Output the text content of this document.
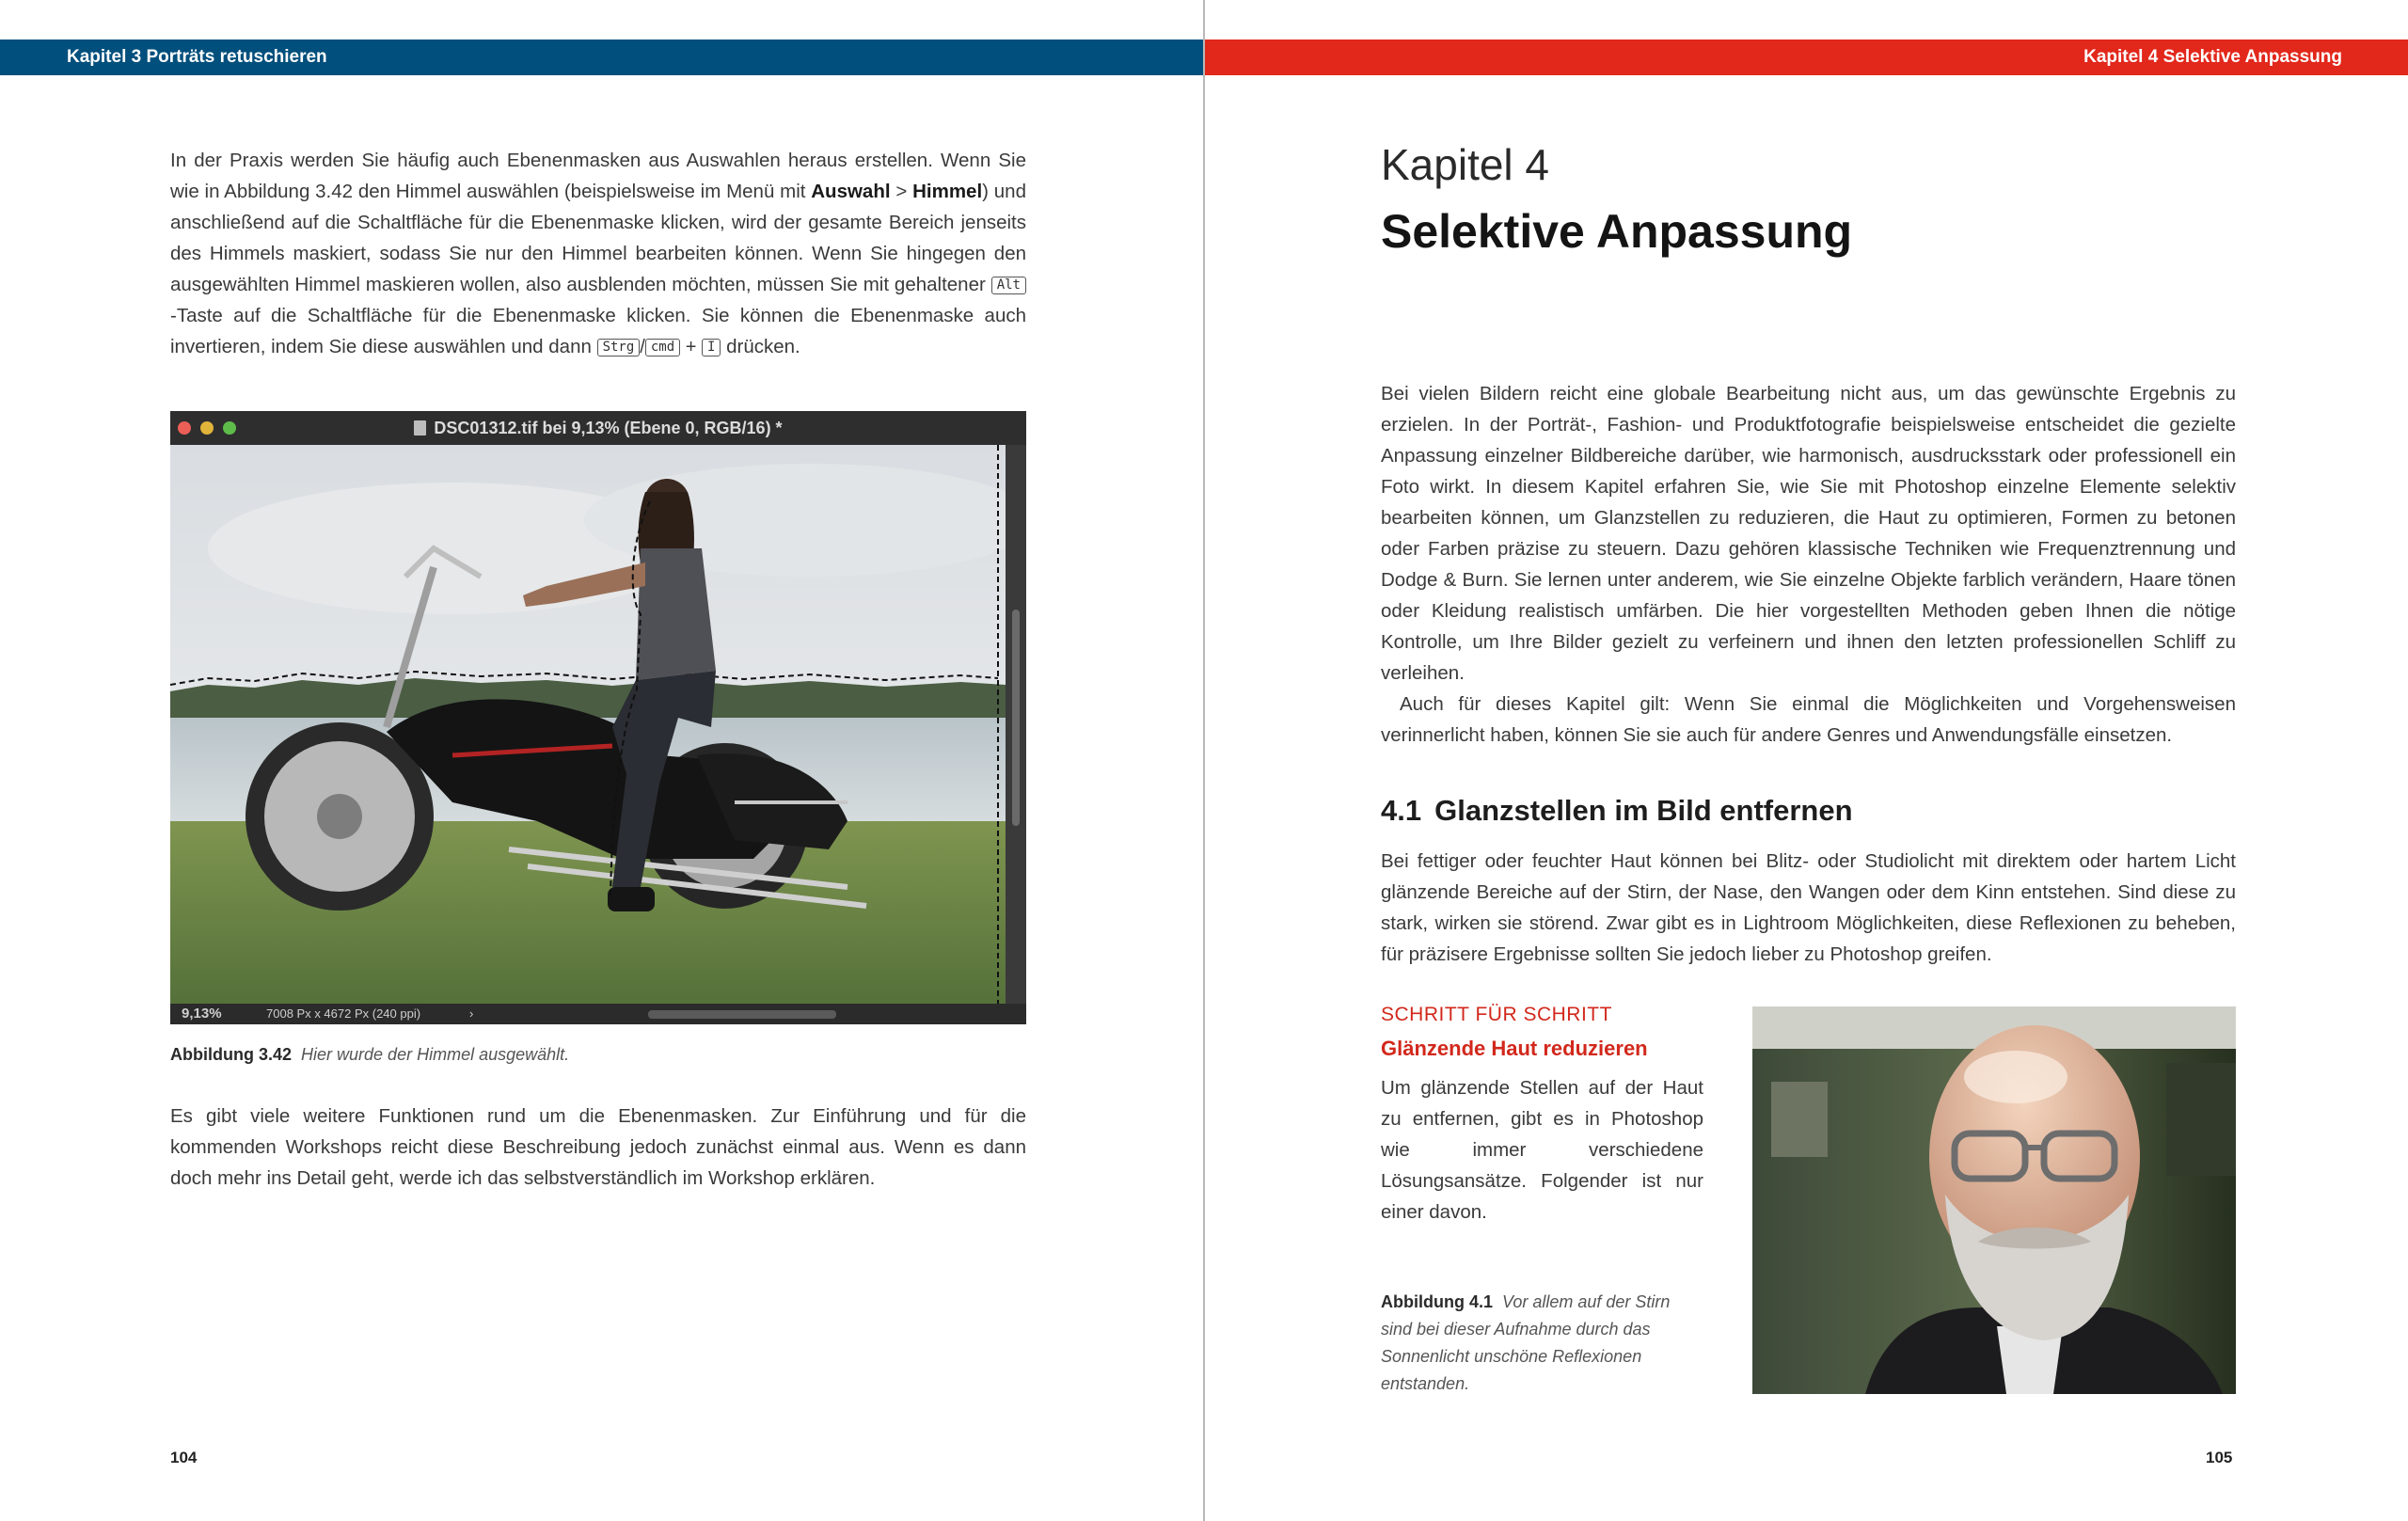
Kapitel 3 Porträts retuschieren

In der Praxis werden Sie häufig auch Ebenenmasken aus Auswahlen heraus erstellen. Wenn Sie wie in Abbildung 3.42 den Himmel auswählen (beispielsweise im Menü mit Auswahl > Himmel) und anschließend auf die Schaltfläche für die Ebenenmaske klicken, wird der gesamte Bereich jenseits des Himmels maskiert, sodass Sie nur den Himmel bearbeiten können. Wenn Sie hingegen den ausgewählten Himmel maskieren wollen, also ausblenden möchten, müssen Sie mit gehaltener Alt-Taste auf die Schaltfläche für die Ebenenmaske klicken. Sie können die Ebenenmaske auch invertieren, indem Sie diese auswählen und dann Strg / cmd + I drücken.

DSC01312.tif bei 9,13% (Ebene 0, RGB/16) *
9,13%	7008 Px x 4672 Px (240 ppi)	›
Abbildung 3.42 Hier wurde der Himmel ausgewählt.

Es gibt viele weitere Funktionen rund um die Ebenenmasken. Zur Einführung und für die kommenden Workshops reicht diese Beschreibung jedoch zunächst einmal aus. Wenn es dann doch mehr ins Detail geht, werde ich das selbstverständlich im Workshop erklären.

104
Kapitel 4 Selektive Anpassung
Kapitel 4
Selektive Anpassung

Bei vielen Bildern reicht eine globale Bearbeitung nicht aus, um das gewünschte Ergebnis zu erzielen. In der Porträt-, Fashion- und Produktfotografie beispielsweise entscheidet die gezielte Anpassung einzelner Bildbereiche darüber, wie harmonisch, ausdrucksstark oder professionell ein Foto wirkt. In diesem Kapitel erfahren Sie, wie Sie mit Photoshop einzelne Elemente selektiv bearbeiten können, um Glanzstellen zu reduzieren, die Haut zu optimieren, Formen zu betonen oder Farben präzise zu steuern. Dazu gehören klassische Techniken wie Frequenztrennung und Dodge & Burn. Sie lernen unter anderem, wie Sie einzelne Objekte farblich verändern, Haare tönen oder Kleidung realistisch umfärben. Die hier vorgestellten Methoden geben Ihnen die nötige Kontrolle, um Ihre Bilder gezielt zu verfeinern und ihnen den letzten professionellen Schliff zu verleihen.
Auch für dieses Kapitel gilt: Wenn Sie einmal die Möglichkeiten und Vorgehensweisen verinnerlicht haben, können Sie sie auch für andere Genres und Anwendungsfälle einsetzen.

4.1 Glanzstellen im Bild entfernen

Bei fettiger oder feuchter Haut können bei Blitz- oder Studiolicht mit direktem oder hartem Licht glänzende Bereiche auf der Stirn, der Nase, den Wangen oder dem Kinn entstehen. Sind diese zu stark, wirken sie störend. Zwar gibt es in Lightroom Möglichkeiten, diese Reflexionen zu beheben, für präzisere Ergebnisse sollten Sie jedoch lieber zu Photoshop greifen.

SCHRITT FÜR SCHRITT
Glänzende Haut reduzieren

Um glänzende Stellen auf der Haut zu entfernen, gibt es in Photoshop wie immer verschiedene Lösungsansätze. Folgender ist nur einer davon.

Abbildung 4.1 Vor allem auf der Stirn sind bei dieser Aufnahme durch das Sonnenlicht unschöne Reflexionen entstanden.
105
